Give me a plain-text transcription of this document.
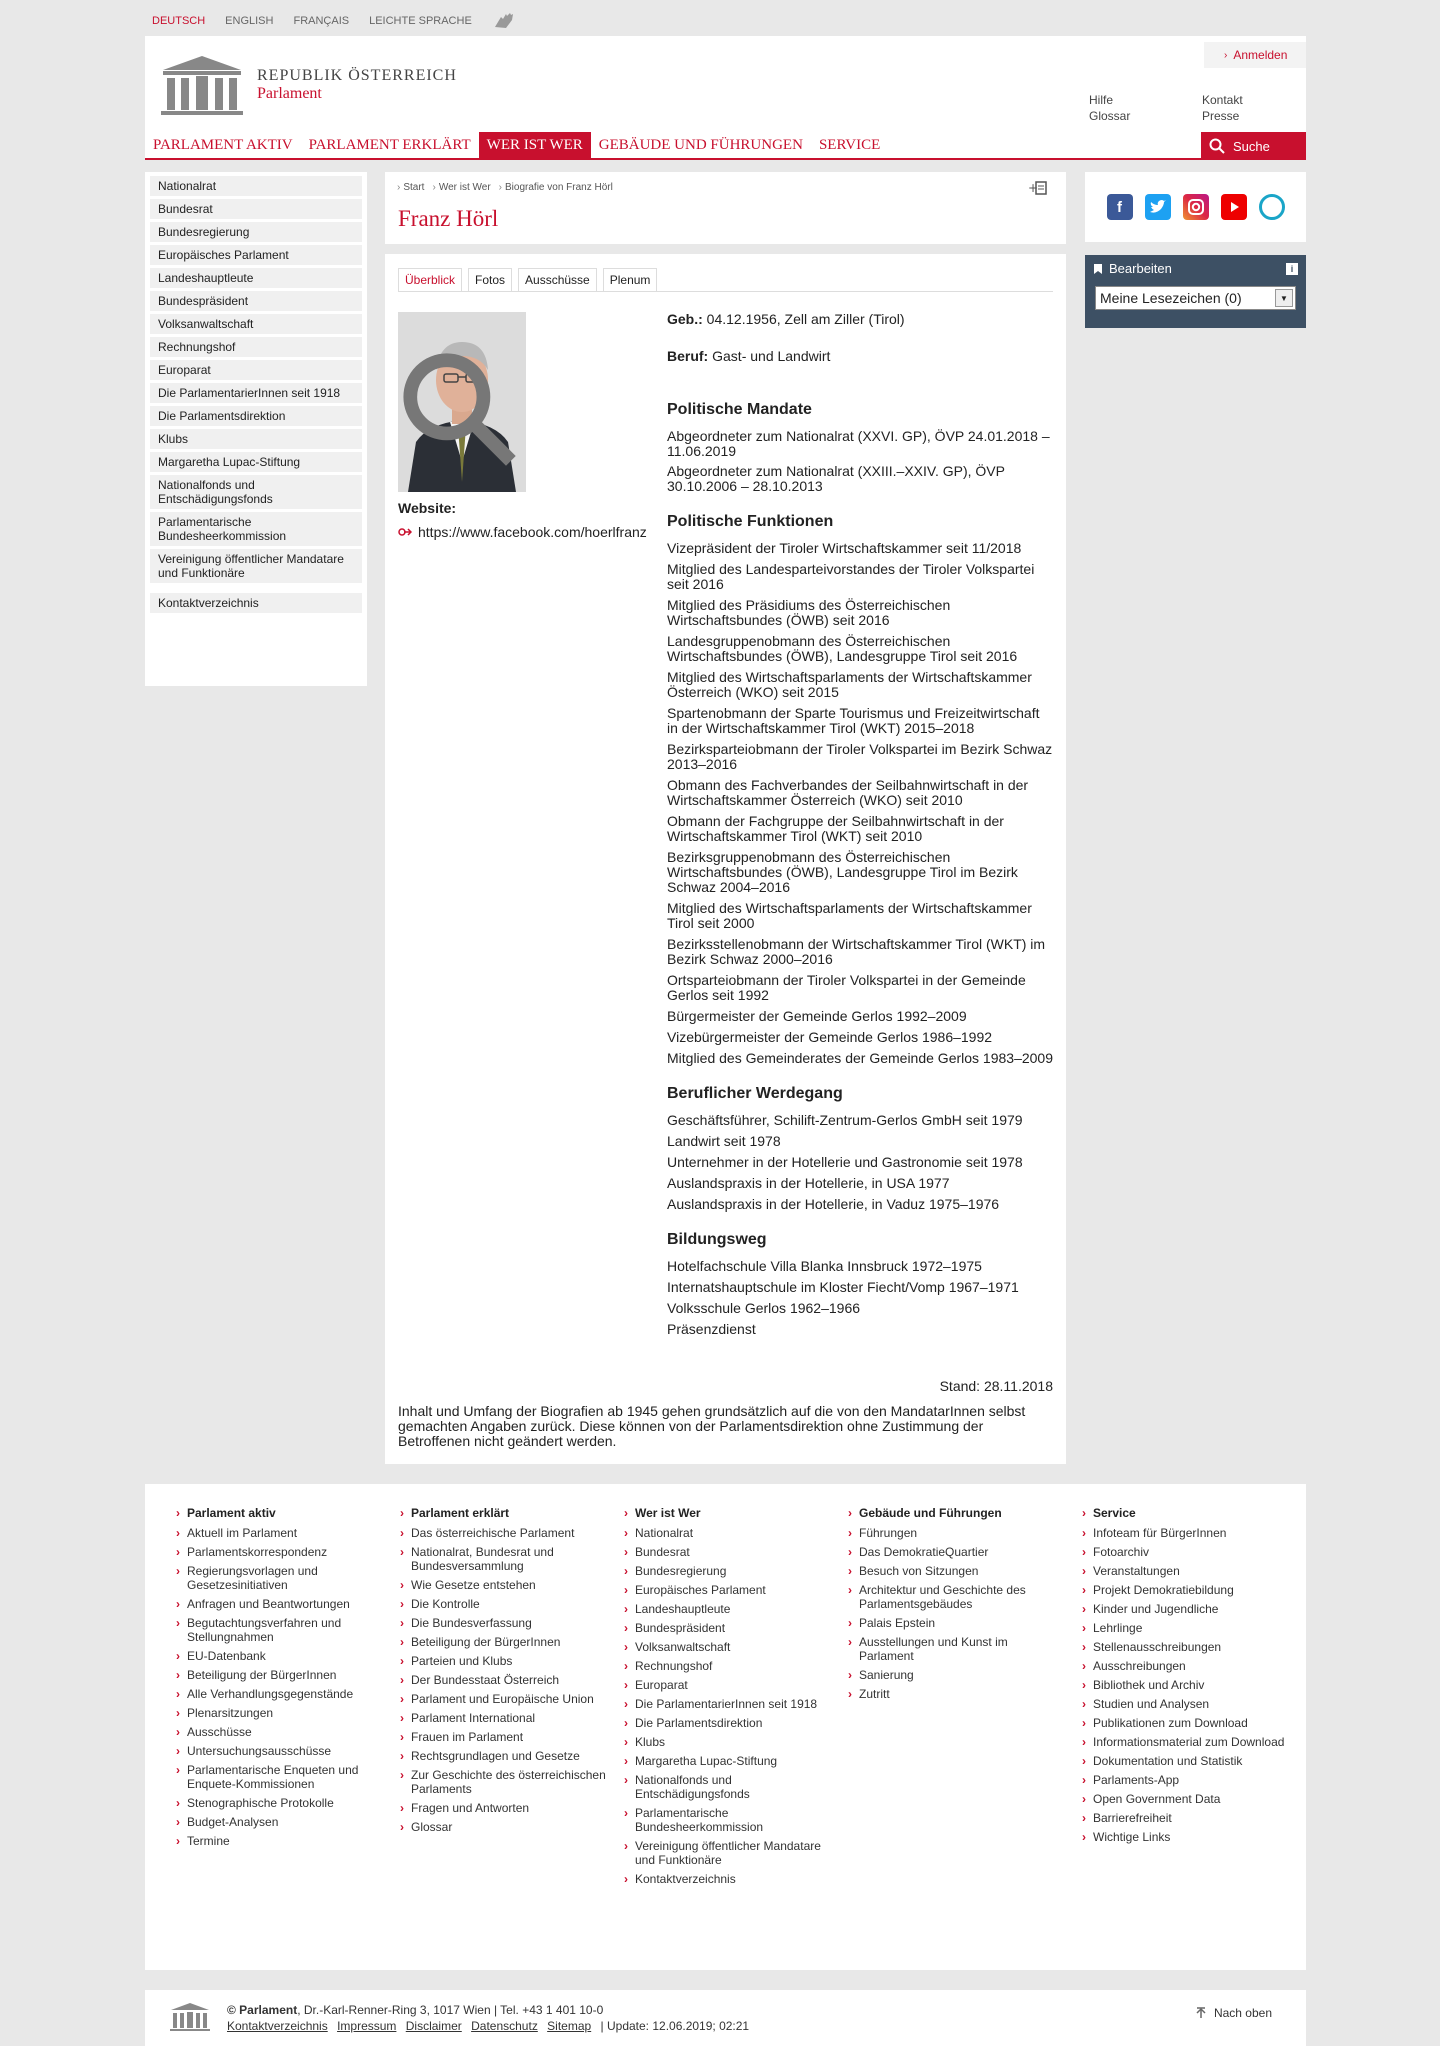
DEUTSCH ENGLISH FRANÇAIS LEICHTE SPRACHE
REPUBLIK ÖSTERREICH
Parlament
› Anmelden
Hilfe
Glossar
Kontakt
Presse
PARLAMENT AKTIV	PARLAMENT ERKLÄRT	WER IST WER	GEBÄUDE UND FÜHRUNGEN	SERVICE	Suche
Nationalrat
Bundesrat
Bundesregierung
Europäisches Parlament
Landeshauptleute
Bundespräsident
Volksanwaltschaft
Rechnungshof
Europarat
Die ParlamentarierInnen seit 1918
Die Parlamentsdirektion
Klubs
Margaretha Lupac-Stiftung
Nationalfonds und Entschädigungsfonds
Parlamentarische Bundesheerkommission
Vereinigung öffentlicher Mandatare und Funktionäre
Kontaktverzeichnis
› Start	› Wer ist Wer	› Biografie von Franz Hörl	+
Franz Hörl
Überblick	Fotos	Ausschüsse	Plenum
Website:
https://www.facebook.com/hoerlfranz

Geb.: 04.12.1956, Zell am Ziller (Tirol)

Beruf: Gast- und Landwirt

Politische Mandate

Abgeordneter zum Nationalrat (XXVI. GP), ÖVP 24.01.2018 – 11.06.2019

Abgeordneter zum Nationalrat (XXIII.–XXIV. GP), ÖVP 30.10.2006 – 28.10.2013

Politische Funktionen

Vizepräsident der Tiroler Wirtschaftskammer seit 11/2018

Mitglied des Landesparteivorstandes der Tiroler Volkspartei seit 2016

Mitglied des Präsidiums des Österreichischen Wirtschaftsbundes (ÖWB) seit 2016

Landesgruppenobmann des Österreichischen Wirtschaftsbundes (ÖWB), Landesgruppe Tirol seit 2016

Mitglied des Wirtschaftsparlaments der Wirtschaftskammer Österreich (WKO) seit 2015

Spartenobmann der Sparte Tourismus und Freizeitwirtschaft in der Wirtschaftskammer Tirol (WKT) 2015–2018

Bezirksparteiobmann der Tiroler Volkspartei im Bezirk Schwaz 2013–2016

Obmann des Fachverbandes der Seilbahnwirtschaft in der Wirtschaftskammer Österreich (WKO) seit 2010

Obmann der Fachgruppe der Seilbahnwirtschaft in der Wirtschaftskammer Tirol (WKT) seit 2010

Bezirksgruppenobmann des Österreichischen Wirtschaftsbundes (ÖWB), Landesgruppe Tirol im Bezirk Schwaz 2004–2016

Mitglied des Wirtschaftsparlaments der Wirtschaftskammer Tirol seit 2000

Bezirksstellenobmann der Wirtschaftskammer Tirol (WKT) im Bezirk Schwaz 2000–2016

Ortsparteiobmann der Tiroler Volkspartei in der Gemeinde Gerlos seit 1992

Bürgermeister der Gemeinde Gerlos 1992–2009

Vizebürgermeister der Gemeinde Gerlos 1986–1992

Mitglied des Gemeinderates der Gemeinde Gerlos 1983–2009

Beruflicher Werdegang

Geschäftsführer, Schilift-Zentrum-Gerlos GmbH seit 1979

Landwirt seit 1978

Unternehmer in der Hotellerie und Gastronomie seit 1978

Auslandspraxis in der Hotellerie, in USA 1977

Auslandspraxis in der Hotellerie, in Vaduz 1975–1976

Bildungsweg

Hotelfachschule Villa Blanka Innsbruck 1972–1975

Internatshauptschule im Kloster Fiecht/Vomp 1967–1971

Volksschule Gerlos 1962–1966

Präsenzdienst

Stand: 28.11.2018
Inhalt und Umfang der Biografien ab 1945 gehen grundsätzlich auf die von den MandatarInnen selbst gemachten Angaben zurück. Diese können von der Parlamentsdirektion ohne Zustimmung der Betroffenen nicht geändert werden.
f
Bearbeiten	i
Meine Lesezeichen (0)	▼
› Parlament aktiv
› Aktuell im Parlament
› Parlamentskorrespondenz
› Regierungsvorlagen und Gesetzesinitiativen
› Anfragen und Beantwortungen
› Begutachtungsverfahren und Stellungnahmen
› EU-Datenbank
› Beteiligung der BürgerInnen
› Alle Verhandlungsgegenstände
› Plenarsitzungen
› Ausschüsse
› Untersuchungsausschüsse
› Parlamentarische Enqueten und Enquete-Kommissionen
› Stenographische Protokolle
› Budget-Analysen
› Termine
› Parlament erklärt
› Das österreichische Parlament
› Nationalrat, Bundesrat und Bundesversammlung
› Wie Gesetze entstehen
› Die Kontrolle
› Die Bundesverfassung
› Beteiligung der BürgerInnen
› Parteien und Klubs
› Der Bundesstaat Österreich
› Parlament und Europäische Union
› Parlament International
› Frauen im Parlament
› Rechtsgrundlagen und Gesetze
› Zur Geschichte des österreichischen Parlaments
› Fragen und Antworten
› Glossar
› Wer ist Wer
› Nationalrat
› Bundesrat
› Bundesregierung
› Europäisches Parlament
› Landeshauptleute
› Bundespräsident
› Volksanwaltschaft
› Rechnungshof
› Europarat
› Die ParlamentarierInnen seit 1918
› Die Parlamentsdirektion
› Klubs
› Margaretha Lupac-Stiftung
› Nationalfonds und Entschädigungsfonds
› Parlamentarische Bundesheerkommission
› Vereinigung öffentlicher Mandatare und Funktionäre
› Kontaktverzeichnis
› Gebäude und Führungen
› Führungen
› Das DemokratieQuartier
› Besuch von Sitzungen
› Architektur und Geschichte des Parlamentsgebäudes
› Palais Epstein
› Ausstellungen und Kunst im Parlament
› Sanierung
› Zutritt
› Service
› Infoteam für BürgerInnen
› Fotoarchiv
› Veranstaltungen
› Projekt Demokratiebildung
› Kinder und Jugendliche
› Lehrlinge
› Stellenausschreibungen
› Ausschreibungen
› Bibliothek und Archiv
› Studien und Analysen
› Publikationen zum Download
› Informationsmaterial zum Download
› Dokumentation und Statistik
› Parlaments-App
› Open Government Data
› Barrierefreiheit
› Wichtige Links
© Parlament, Dr.-Karl-Renner-Ring 3, 1017 Wien | Tel. +43 1 401 10-0
Kontaktverzeichnis Impressum Disclaimer Datenschutz Sitemap | Update: 12.06.2019; 02:21
Nach oben
